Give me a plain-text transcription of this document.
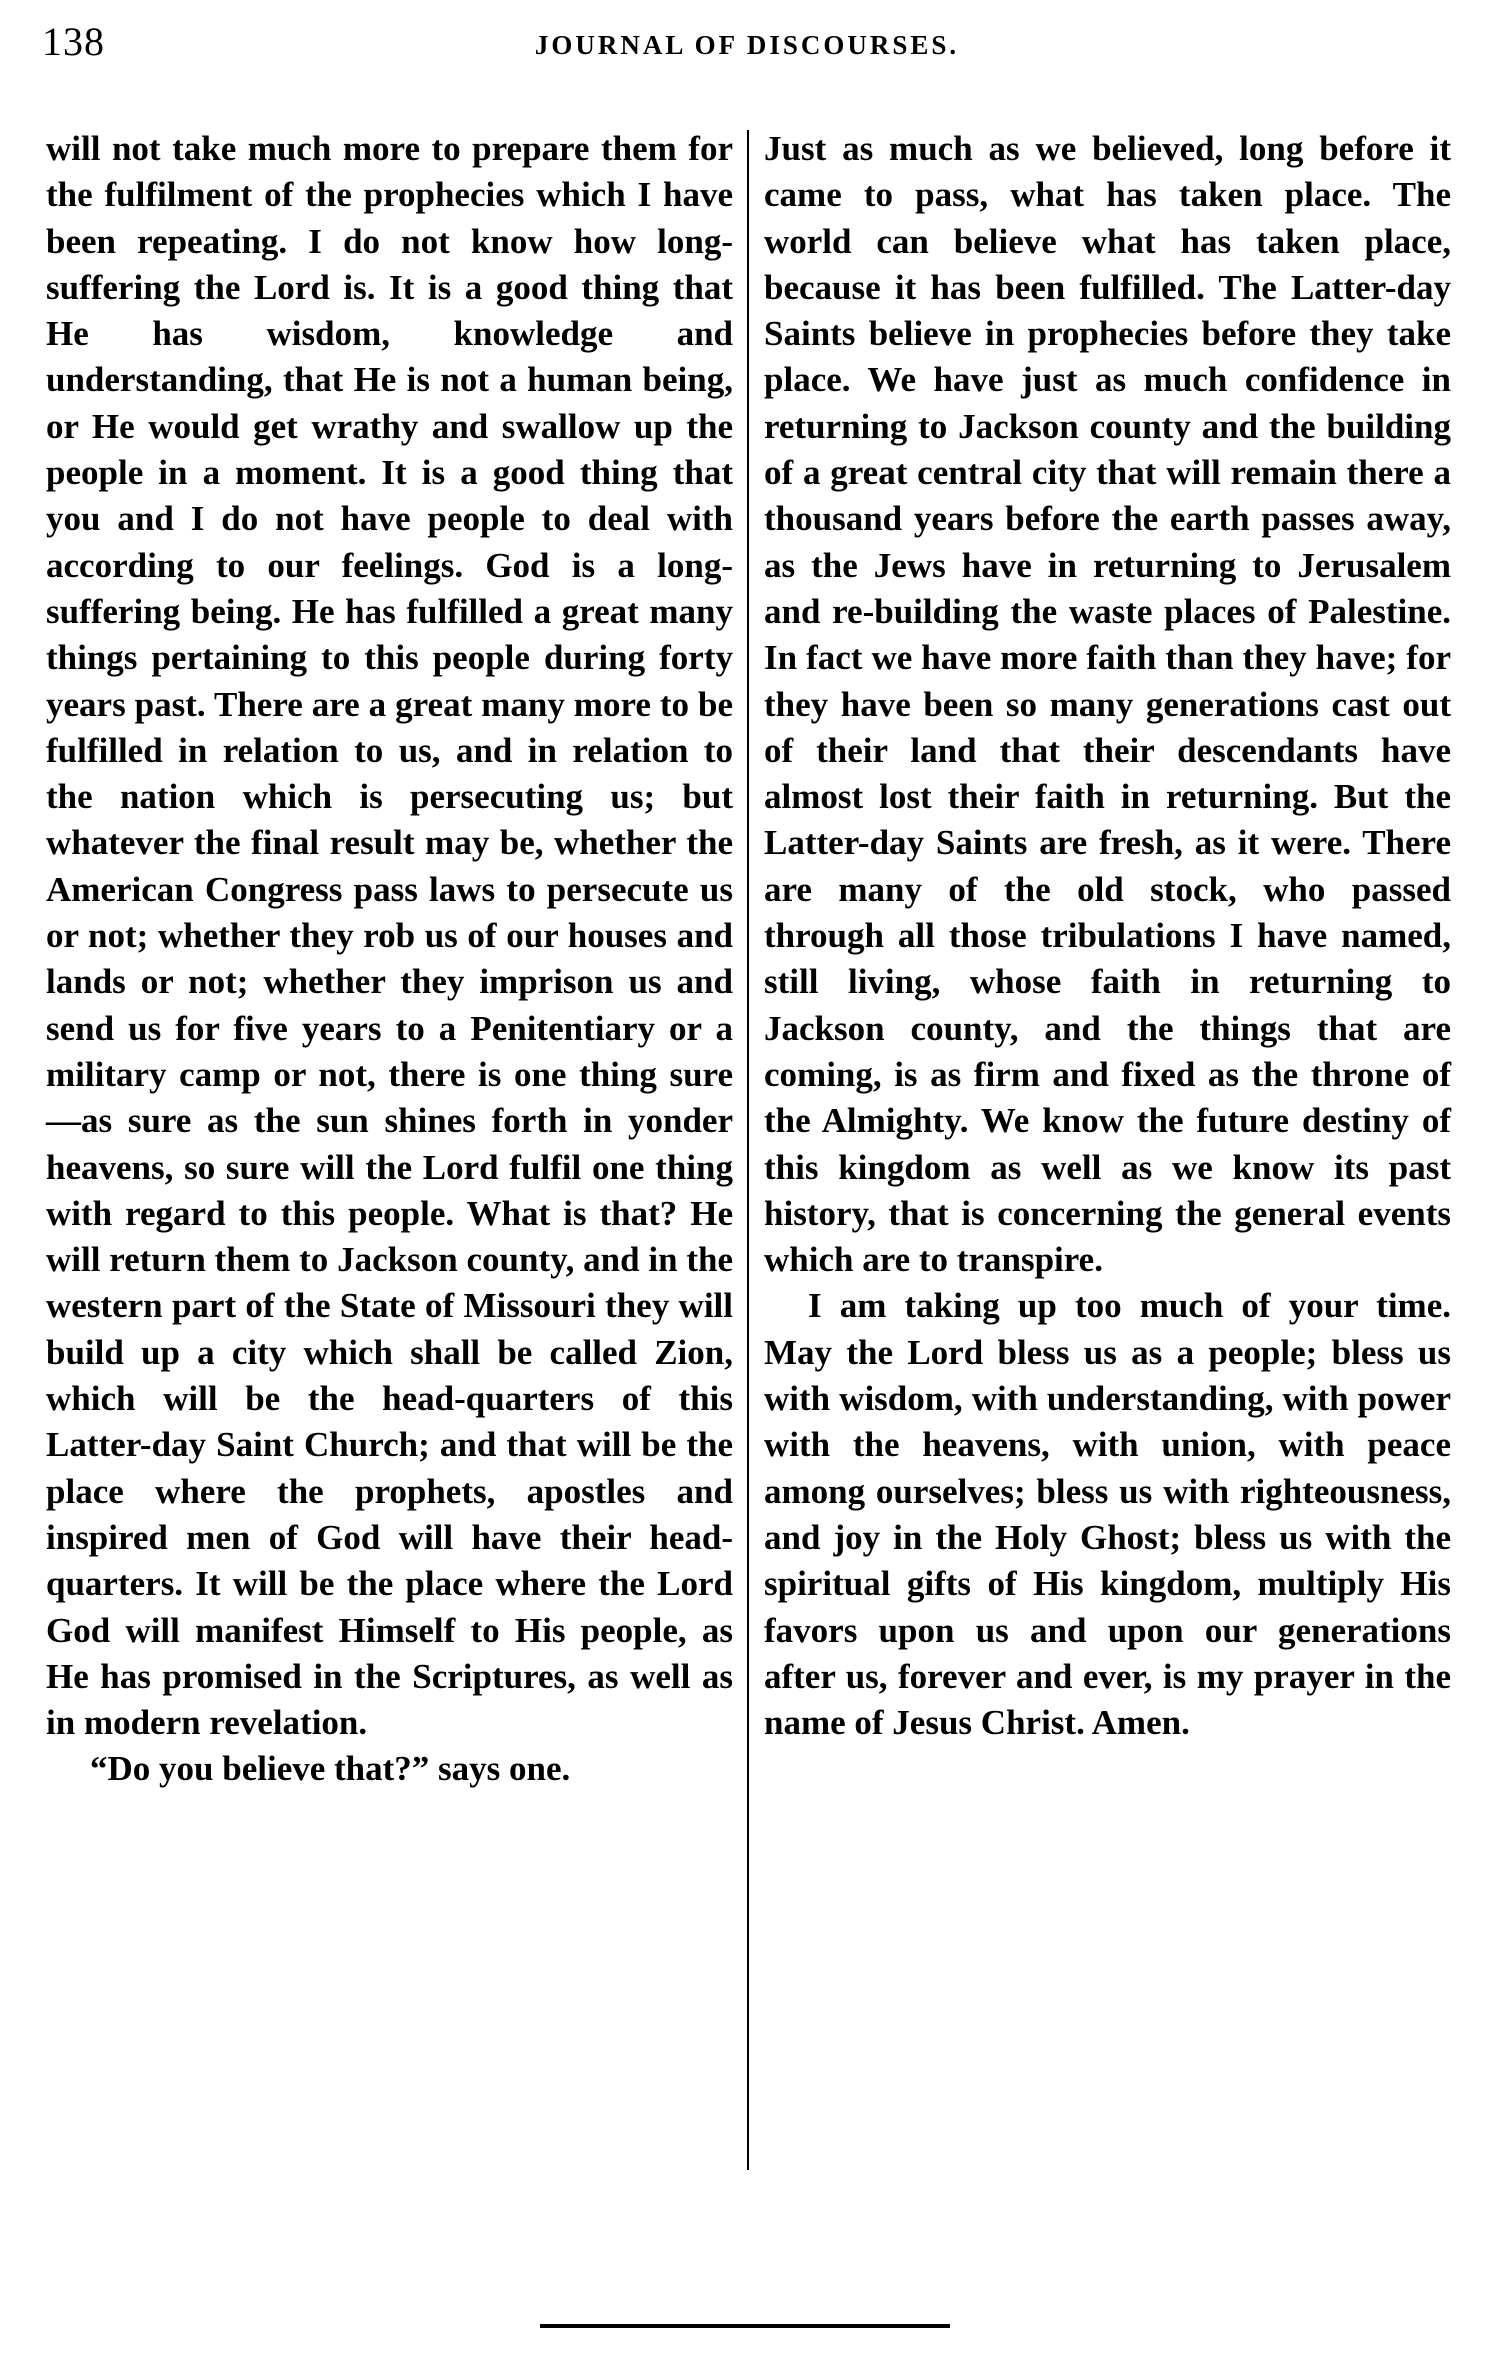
138	JOURNAL OF DISCOURSES.

will not take much more to prepare them for the fulfilment of the prophecies which I have been repeating. I do not know how long-suffering the Lord is. It is a good thing that He has wisdom, knowledge and understanding, that He is not a human being, or He would get wrathy and swallow up the people in a moment. It is a good thing that you and I do not have people to deal with according to our feelings. God is a long-suffering being. He has fulfilled a great many things pertaining to this people during forty years past. There are a great many more to be fulfilled in relation to us, and in relation to the nation which is persecuting us; but whatever the final result may be, whether the American Congress pass laws to persecute us or not; whether they rob us of our houses and lands or not; whether they imprison us and send us for five years to a Penitentiary or a military camp or not, there is one thing sure—as sure as the sun shines forth in yonder heavens, so sure will the Lord fulfil one thing with regard to this people. What is that? He will return them to Jackson county, and in the western part of the State of Missouri they will build up a city which shall be called Zion, which will be the head-quarters of this Latter-day Saint Church; and that will be the place where the prophets, apostles and inspired men of God will have their head-quarters. It will be the place where the Lord God will manifest Himself to His people, as He has promised in the Scriptures, as well as in modern revelation.

“Do you believe that?” says one.

Just as much as we believed, long before it came to pass, what has taken place. The world can believe what has taken place, because it has been fulfilled. The Latter-day Saints believe in prophecies before they take place. We have just as much confidence in returning to Jackson county and the building of a great central city that will remain there a thousand years before the earth passes away, as the Jews have in returning to Jerusalem and re-building the waste places of Palestine. In fact we have more faith than they have; for they have been so many generations cast out of their land that their descendants have almost lost their faith in returning. But the Latter-day Saints are fresh, as it were. There are many of the old stock, who passed through all those tribulations I have named, still living, whose faith in returning to Jackson county, and the things that are coming, is as firm and fixed as the throne of the Almighty. We know the future destiny of this kingdom as well as we know its past history, that is concerning the general events which are to transpire.

I am taking up too much of your time. May the Lord bless us as a people; bless us with wisdom, with understanding, with power with the heavens, with union, with peace among ourselves; bless us with righteousness, and joy in the Holy Ghost; bless us with the spiritual gifts of His kingdom, multiply His favors upon us and upon our generations after us, forever and ever, is my prayer in the name of Jesus Christ. Amen.
